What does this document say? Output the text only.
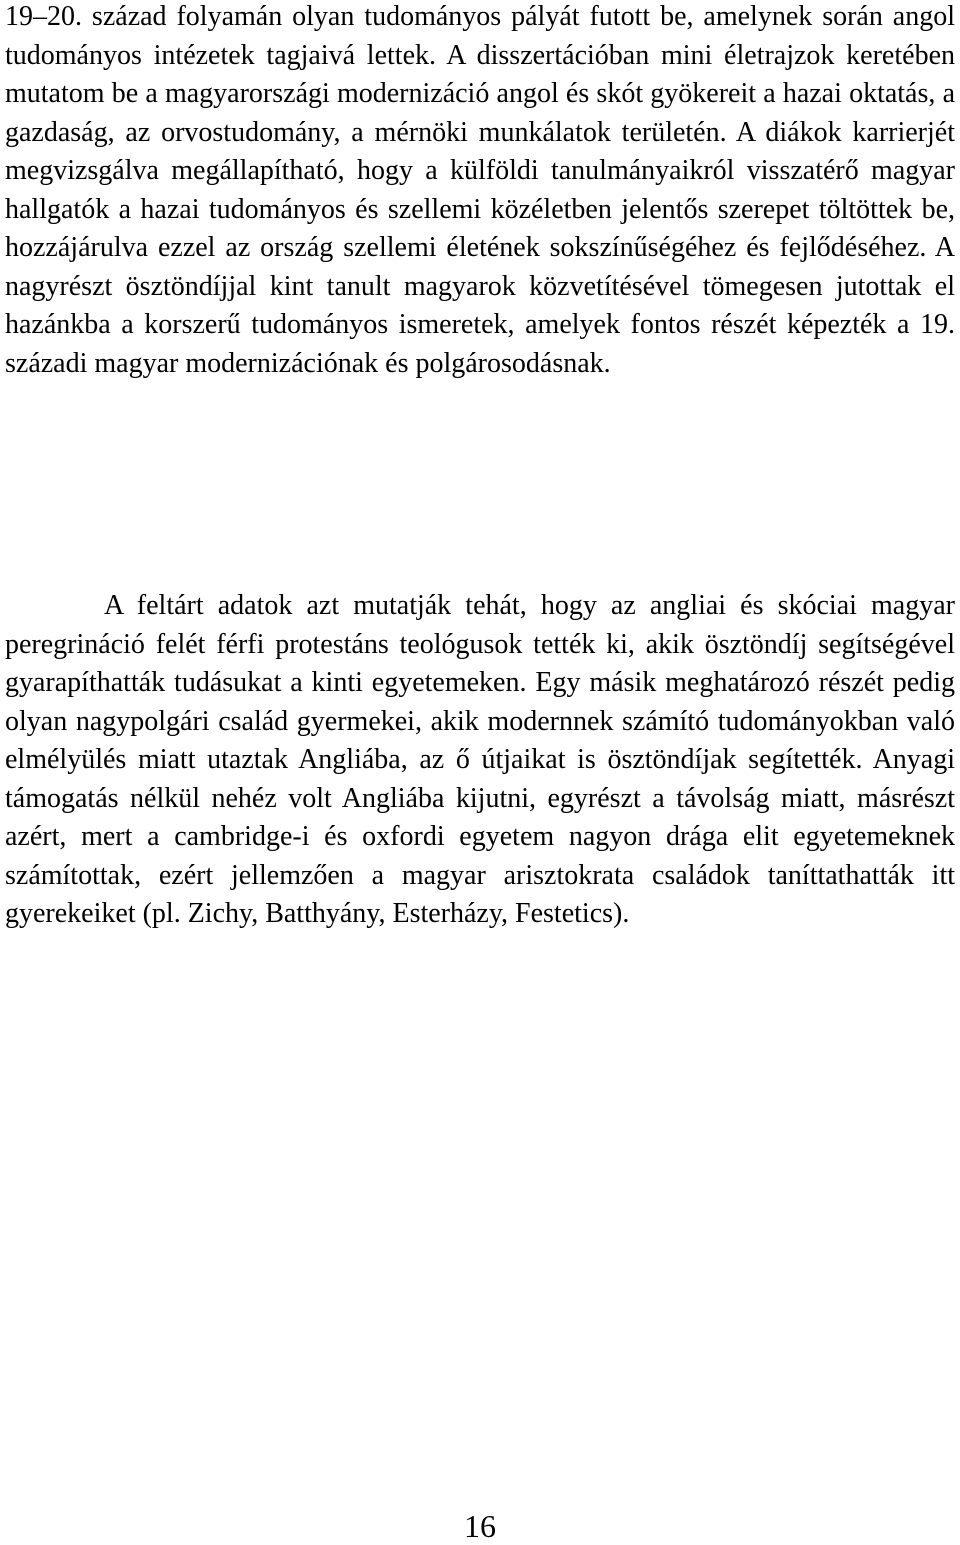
19–20. század folyamán olyan tudományos pályát futott be, amelynek során angol tudományos intézetek tagjaivá lettek. A disszertációban mini életrajzok keretében mutatom be a magyarországi modernizáció angol és skót gyökereit a hazai oktatás, a gazdaság, az orvostudomány, a mérnöki munkálatok területén. A diákok karrierjét megvizsgálva megállapítható, hogy a külföldi tanulmányaikról visszatérő magyar hallgatók a hazai tudományos és szellemi közéletben jelentős szerepet töltöttek be, hozzájárulva ezzel az ország szellemi életének sokszínűségéhez és fejlődéséhez. A nagyrészt ösztöndíjjal kint tanult magyarok közvetítésével tömegesen jutottak el hazánkba a korszerű tudományos ismeretek, amelyek fontos részét képezték a 19. századi magyar modernizációnak és polgárosodásnak.

A feltárt adatok azt mutatják tehát, hogy az angliai és skóciai magyar peregrináció felét férfi protestáns teológusok tették ki, akik ösztöndíj segítségével gyarapíthatták tudásukat a kinti egyetemeken. Egy másik meghatározó részét pedig olyan nagypolgári család gyermekei, akik modernnek számító tudományokban való elmélyülés miatt utaztak Angliába, az ő útjaikat is ösztöndíjak segítették. Anyagi támogatás nélkül nehéz volt Angliába kijutni, egyrészt a távolság miatt, másrészt azért, mert a cambridge-i és oxfordi egyetem nagyon drága elit egyetemeknek számítottak, ezért jellemzően a magyar arisztokrata családok taníttathatták itt gyerekeiket (pl. Zichy, Batthyány, Esterházy, Festetics).

16
